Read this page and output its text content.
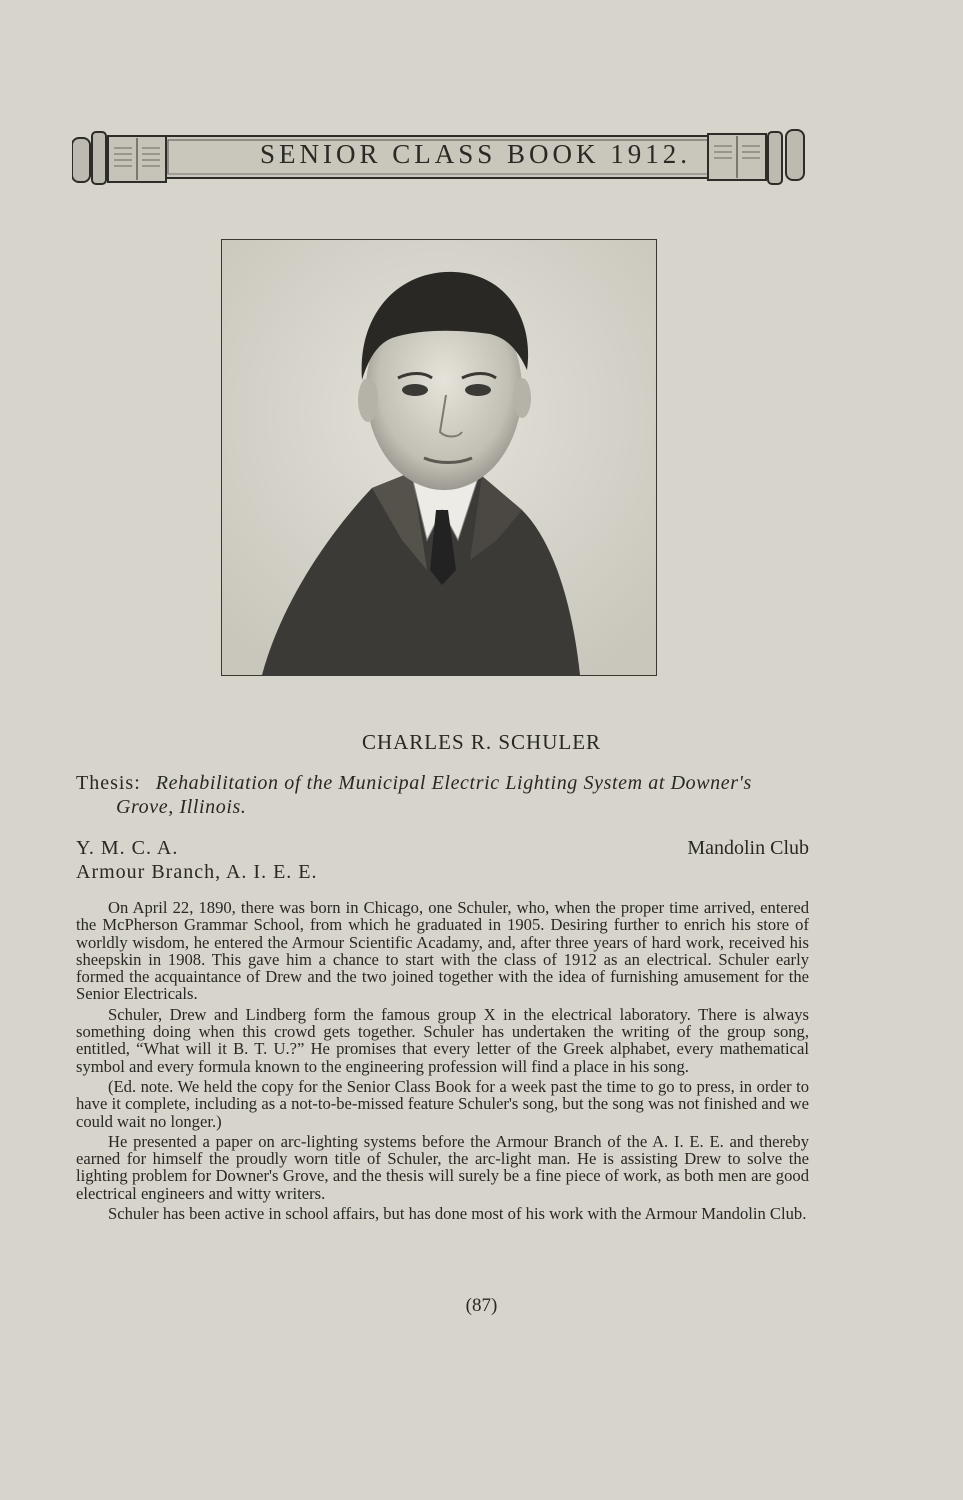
SENIOR CLASS BOOK 1912.
CHARLES R. SCHULER
Thesis: Rehabilitation of the Municipal Electric Lighting System at Downer's
Grove, Illinois.
Y. M. C. A.
Armour Branch, A. I. E. E.
Mandolin Club

On April 22, 1890, there was born in Chicago, one Schuler, who, when the proper time arrived, entered the McPherson Grammar School, from which he graduated in 1905. Desiring further to enrich his store of worldly wisdom, he entered the Armour Scientific Acadamy, and, after three years of hard work, received his sheepskin in 1908. This gave him a chance to start with the class of 1912 as an electrical. Schuler early formed the acquaintance of Drew and the two joined together with the idea of furnishing amusement for the Senior Electricals.

Schuler, Drew and Lindberg form the famous group X in the electrical laboratory. There is always something doing when this crowd gets together. Schuler has undertaken the writing of the group song, entitled, “What will it B. T. U.?” He promises that every letter of the Greek alphabet, every mathematical symbol and every formula known to the engineering profession will find a place in his song.

(Ed. note. We held the copy for the Senior Class Book for a week past the time to go to press, in order to have it complete, including as a not-to-be-missed feature Schuler's song, but the song was not finished and we could wait no longer.)

He presented a paper on arc-lighting systems before the Armour Branch of the A. I. E. E. and thereby earned for himself the proudly worn title of Schuler, the arc-light man. He is assisting Drew to solve the lighting problem for Downer's Grove, and the thesis will surely be a fine piece of work, as both men are good electrical engineers and witty writers.

Schuler has been active in school affairs, but has done most of his work with the Armour Mandolin Club.

(87)
